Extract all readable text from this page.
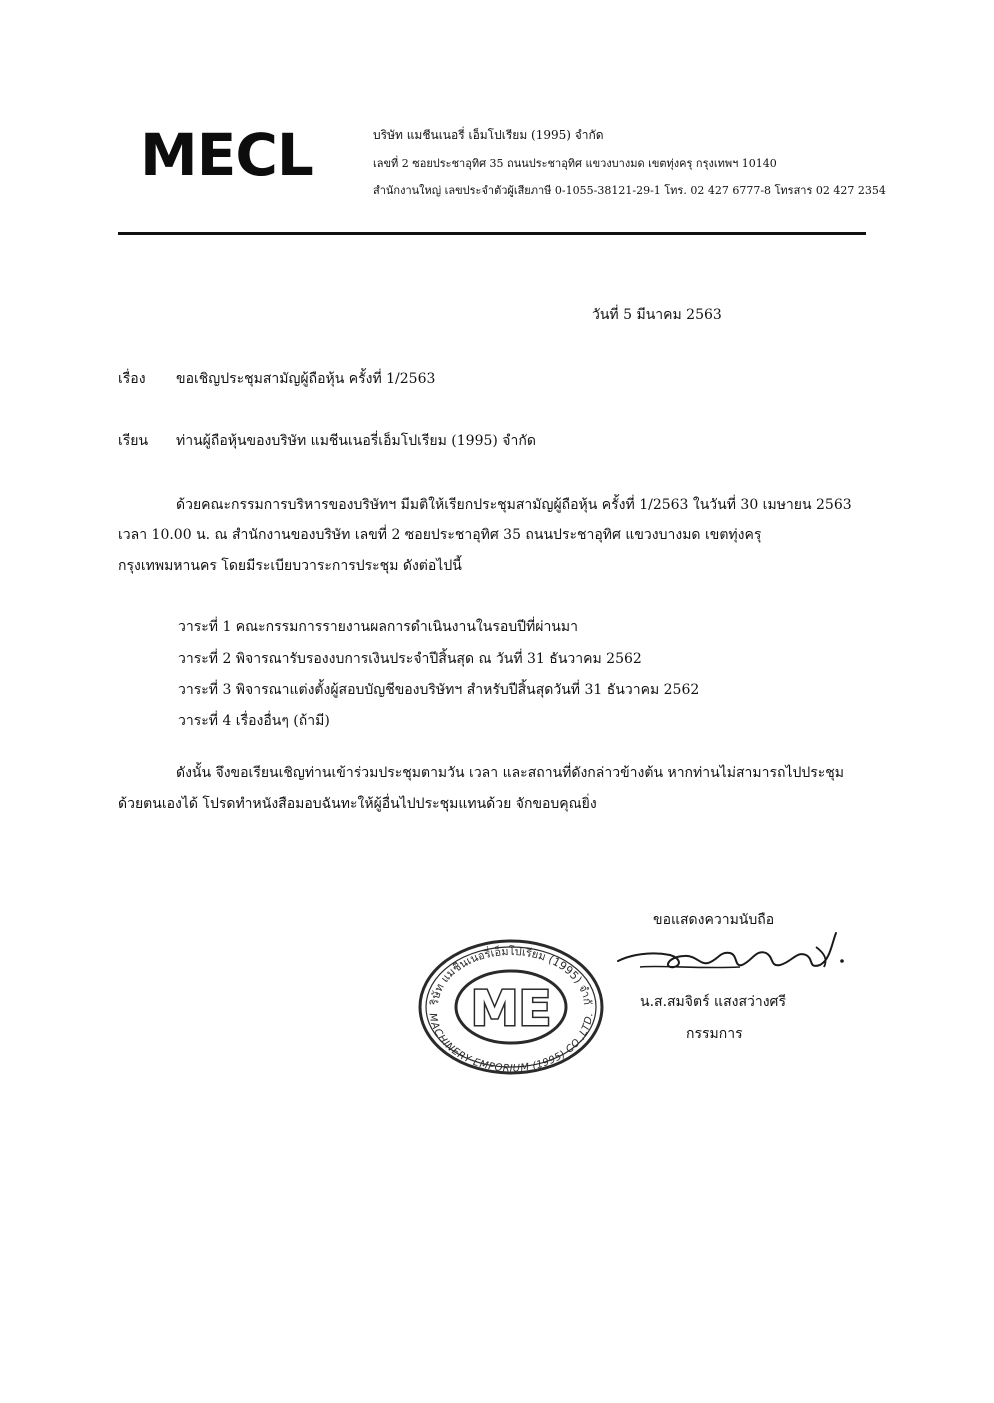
MECL	บริษัท แมชีนเนอรี่ เอ็มโปเรียม (1995) จำกัด
เลขที่ 2 ซอยประชาอุทิศ 35 ถนนประชาอุทิศ แขวงบางมด เขตทุ่งครุ กรุงเทพฯ 10140
สำนักงานใหญ่ เลขประจำตัวผู้เสียภาษี 0-1055-38121-29-1 โทร. 02 427 6777-8 โทรสาร 02 427 2354
วันที่ 5 มีนาคม 2563
เรื่อง ขอเชิญประชุมสามัญผู้ถือหุ้น ครั้งที่ 1/2563
เรียน ท่านผู้ถือหุ้นของบริษัท แมชีนเนอรี่เอ็มโปเรียม (1995) จำกัด
ด้วยคณะกรรมการบริหารของบริษัทฯ มีมติให้เรียกประชุมสามัญผู้ถือหุ้น ครั้งที่ 1/2563 ในวันที่ 30 เมษายน 2563
เวลา 10.00 น. ณ สำนักงานของบริษัท เลขที่ 2 ซอยประชาอุทิศ 35 ถนนประชาอุทิศ แขวงบางมด เขตทุ่งครุ
กรุงเทพมหานคร โดยมีระเบียบวาระการประชุม ดังต่อไปนี้
วาระที่ 1 คณะกรรมการรายงานผลการดำเนินงานในรอบปีที่ผ่านมา
วาระที่ 2 พิจารณารับรองงบการเงินประจำปีสิ้นสุด ณ วันที่ 31 ธันวาคม 2562
วาระที่ 3 พิจารณาแต่งตั้งผู้สอบบัญชีของบริษัทฯ สำหรับปีสิ้นสุดวันที่ 31 ธันวาคม 2562
วาระที่ 4 เรื่องอื่นๆ (ถ้ามี)
ดังนั้น จึงขอเรียนเชิญท่านเข้าร่วมประชุมตามวัน เวลา และสถานที่ดังกล่าวข้างต้น หากท่านไม่สามารถไปประชุม
ด้วยตนเองได้ โปรดทำหนังสือมอบฉันทะให้ผู้อื่นไปประชุมแทนด้วย จักขอบคุณยิ่ง
ขอแสดงความนับถือ
น.ส.สมจิตร์ แสงสว่างศรี
กรรมการ
ริษัท แมชีนเนอรี่เอ็มโปเรียม (1995) จำกั
MACHINERY EMPORIUM (1995) CO.,LTD.
ME
